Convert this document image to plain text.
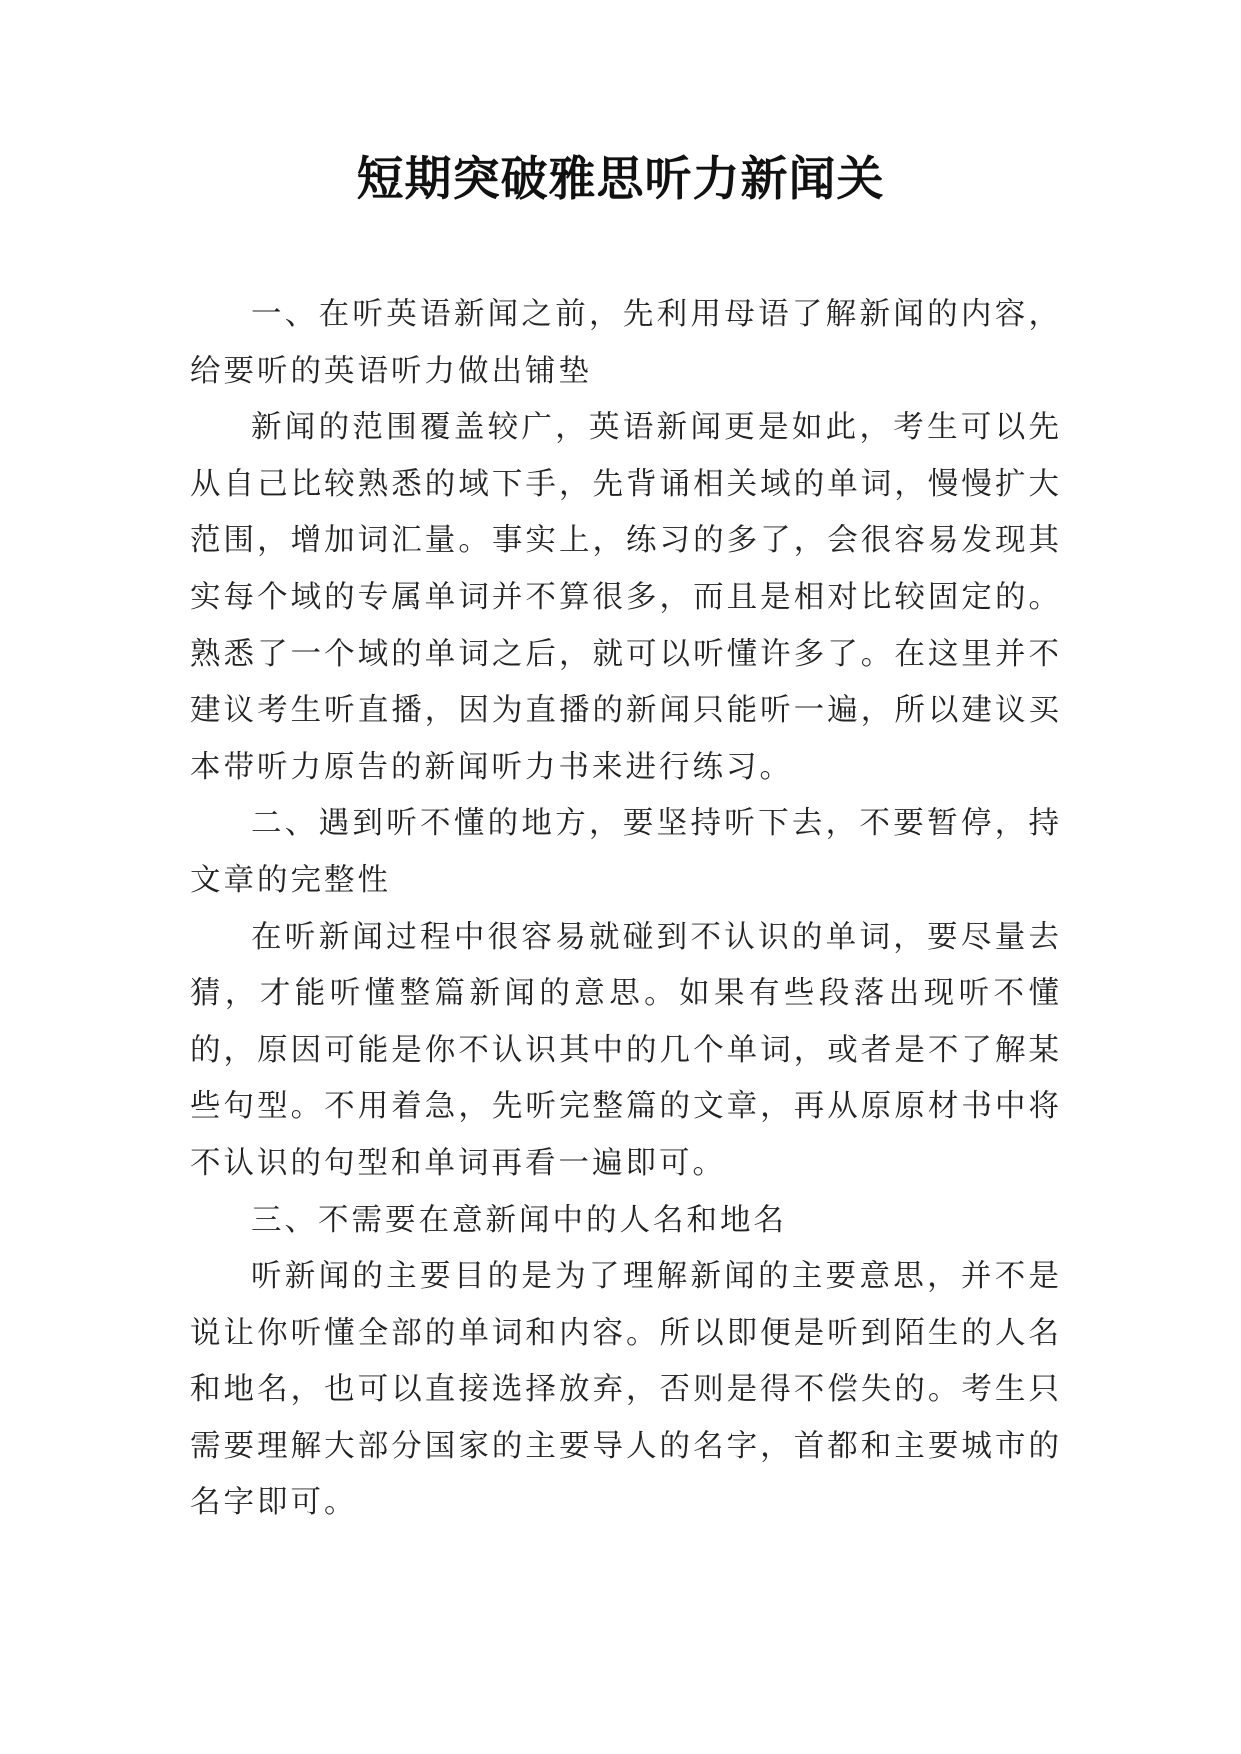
短期突破雅思听力新闻关

一、在听英语新闻之前，先利用母语了解新闻的内容，给要听的英语听力做出铺垫

新闻的范围覆盖较广，英语新闻更是如此，考生可以先从自己比较熟悉的域下手，先背诵相关域的单词，慢慢扩大范围，增加词汇量。事实上，练习的多了，会很容易发现其实每个域的专属单词并不算很多，而且是相对比较固定的。熟悉了一个域的单词之后，就可以听懂许多了。在这里并不建议考生听直播，因为直播的新闻只能听一遍，所以建议买本带听力原告的新闻听力书来进行练习。

二、遇到听不懂的地方，要坚持听下去，不要暂停，持文章的完整性

在听新闻过程中很容易就碰到不认识的单词，要尽量去猜，才能听懂整篇新闻的意思。如果有些段落出现听不懂的，原因可能是你不认识其中的几个单词，或者是不了解某些句型。不用着急，先听完整篇的文章，再从原原材书中将不认识的句型和单词再看一遍即可。

三、不需要在意新闻中的人名和地名

听新闻的主要目的是为了理解新闻的主要意思，并不是说让你听懂全部的单词和内容。所以即便是听到陌生的人名和地名，也可以直接选择放弃，否则是得不偿失的。考生只需要理解大部分国家的主要导人的名字，首都和主要城市的名字即可。
